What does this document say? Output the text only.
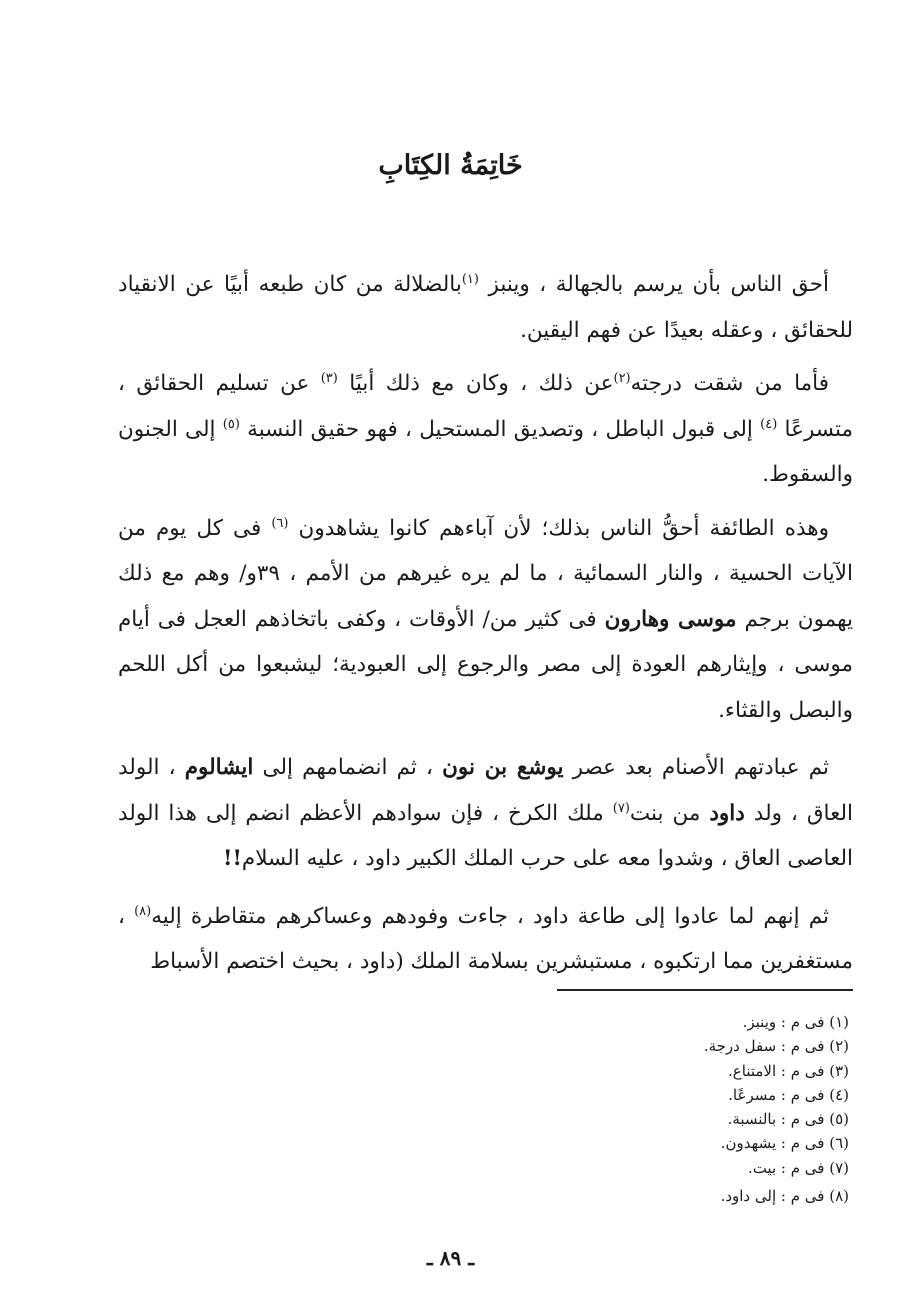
خَاتِمَةُ الكِتَابِ

أحق الناس بأن يرسم بالجهالة ، وينبز $^{(١)}$بالضلالة من كان طبعه أبيًا عن الانقياد للحقائق ، وعقله بعيدًا عن فهم اليقين.

فأما من شقت درجته$^{(٢)}$عن ذلك ، وكان مع ذلك أبيًا $^{(٣)}$ عن تسليم الحقائق ، متسرعًا $^{(٤)}$ إلى قبول الباطل ، وتصديق المستحيل ، فهو حقيق النسبة $^{(٥)}$ إلى الجنون والسقوط.

وهذه الطائفة أحقُّ الناس بذلك؛ لأن آباءهم كانوا يشاهدون $^{(٦)}$ فى كل يوم من الآيات الحسية ، والنار السمائية ، ما لم يره غيرهم من الأمم ، ٣٩و/ وهم مع ذلك يهمون برجم موسى وهارون فى كثير من/ الأوقات ، وكفى باتخاذهم العجل فى أيام موسى ، وإيثارهم العودة إلى مصر والرجوع إلى العبودية؛ ليشبعوا من أكل اللحم والبصل والقثاء.

ثم عبادتهم الأصنام بعد عصر يوشع بن نون ، ثم انضمامهم إلى ايشالوم ، الولد العاق ، ولد داود من بنت$^{(٧)}$ ملك الكرخ ، فإن سوادهم الأعظم انضم إلى هذا الولد العاصى العاق ، وشدوا معه على حرب الملك الكبير داود ، عليه السلام!!

ثم إنهم لما عادوا إلى طاعة داود ، جاءت وفودهم وعساكرهم متقاطرة إليه$^{(٨)}$ ، مستغفرين مما ارتكبوه ، مستبشرين بسلامة الملك (داود ، بحيث اختصم الأسباط

(١) فى م : وينبز.
(٢) فى م : سفل درجة.
(٣) فى م : الامتناع.
(٤) فى م : مسرعًا.
(٥) فى م : بالنسبة.
(٦) فى م : يشهدون.
(٧) فى م : بيت.
(٨) فى م : إلى داود.
ـ ٨٩ ـ
